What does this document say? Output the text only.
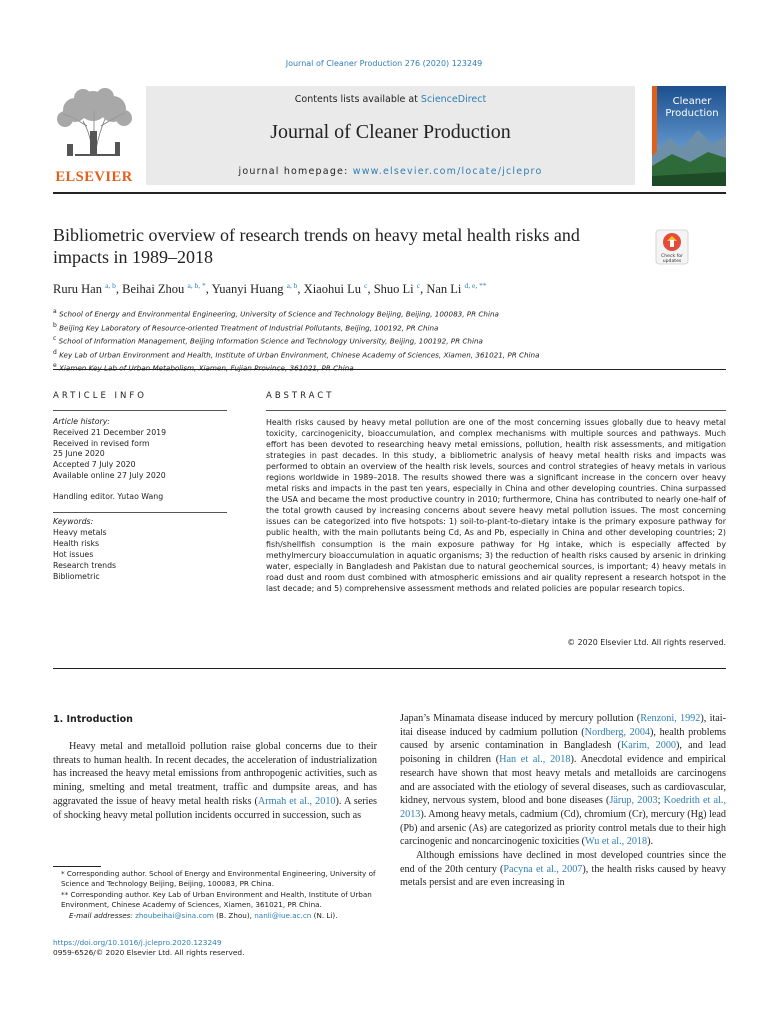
Journal of Cleaner Production 276 (2020) 123249
ELSEVIER
Contents lists available at ScienceDirect
Journal of Cleaner Production
journal homepage: www.elsevier.com/locate/jclepro
Cleaner
Production
Bibliometric overview of research trends on heavy metal health risks and impacts in 1989–2018	Check for
updates
Ruru Han $^{a, b}$, Beihai Zhou $^{a, b, *}$, Yuanyi Huang $^{a, b}$, Xiaohui Lu $^c$, Shuo Li $^c$, Nan Li $^{d, e, **}$
$^a$ School of Energy and Environmental Engineering, University of Science and Technology Beijing, Beijing, 100083, PR China
$^b$ Beijing Key Laboratory of Resource-oriented Treatment of Industrial Pollutants, Beijing, 100192, PR China
$^c$ School of Information Management, Beijing Information Science and Technology University, Beijing, 100192, PR China
$^d$ Key Lab of Urban Environment and Health, Institute of Urban Environment, Chinese Academy of Sciences, Xiamen, 361021, PR China
$^e$
ARTICLE INFO	ABSTRACT
Article history:
Received 21 December 2019
Received in revised form
25 June 2020
Accepted 7 July 2020
Available online 27 July 2020
Handling editor. Yutao Wang
Keywords:
Heavy metals
Health risks
Hot issues
Research trends
Bibliometric
Health risks caused by heavy metal pollution are one of the most concerning issues globally due to heavy metal toxicity, carcinogenicity, bioaccumulation, and complex mechanisms with multiple sources and pathways. Much effort has been devoted to researching heavy metal emissions, pollution, health risk assessments, and mitigation strategies in past decades. In this study, a bibliometric analysis of heavy metal health risks and impacts was performed to obtain an overview of the health risk levels, sources and control strategies of heavy metals in various regions worldwide in 1989–2018. The results showed there was a significant increase in the concern over heavy metal risks and impacts in the past ten years, especially in China and other developing countries. China surpassed the USA and became the most productive country in 2010; furthermore, China has contributed to nearly one-half of the total growth caused by increasing concerns about severe heavy metal pollution issues. The most concerning issues can be categorized into five hotspots: 1) soil-to-plant-to-dietary intake is the primary exposure pathway for public health, with the main pollutants being Cd, As and Pb, especially in China and other developing countries; 2) fish/shellfish consumption is the main exposure pathway for Hg intake, which is especially affected by methylmercury bioaccumulation in aquatic organisms; 3) the reduction of health risks caused by arsenic in drinking water, especially in Bangladesh and Pakistan due to natural geochemical sources, is important; 4) heavy metals in road dust and room dust combined with atmospheric emissions and air quality represent a research hotspot in the last decade; and 5) comprehensive assessment methods and related policies are popular research topics.
© 2020 Elsevier Ltd. All rights reserved.
1. Introduction

Heavy metal and metalloid pollution raise global concerns due to their threats to human health. In recent decades, the acceleration of industrialization has increased the heavy metal emissions from anthropogenic activities, such as mining, smelting and metal treatment, traffic and dumpsite areas, and has aggravated the issue of heavy metal health risks (Armah et al., 2010). A series of shocking heavy metal pollution incidents occurred in succession, such as

Japan’s Minamata disease induced by mercury pollution (Renzoni, 1992), itai-itai disease induced by cadmium pollution (Nordberg, 2004), health problems caused by arsenic contamination in Bangladesh (Karim, 2000), and lead poisoning in children (Han et al., 2018). Anecdotal evidence and empirical research have shown that most heavy metals and metalloids are carcinogens and are associated with the etiology of several diseases, such as cardiovascular, kidney, nervous system, blood and bone diseases (Järup, 2003; Koedrith et al., 2013). Among heavy metals, cadmium (Cd), chromium (Cr), mercury (Hg) lead (Pb) and arsenic (As) are categorized as priority control metals due to their high carcinogenic and noncarcinogenic toxicities (Wu et al., 2018).

Although emissions have declined in most developed countries since the end of the 20th century (Pacyna et al., 2007), the health risks caused by heavy metals persist and are even increasing in

* Corresponding author. School of Energy and Environmental Engineering, University of Science and Technology Beijing, Beijing, 100083, PR China.

** Corresponding author. Key Lab of Urban Environment and Health, Institute of Urban Environment, Chinese Academy of Sciences, Xiamen, 361021, PR China.

E-mail addresses: zhoubeihai@sina.com (B. Zhou), nanli@iue.ac.cn (N. Li).

https://doi.org/10.1016/j.jclepro.2020.123249
0959-6526/© 2020 Elsevier Ltd. All rights reserved.
